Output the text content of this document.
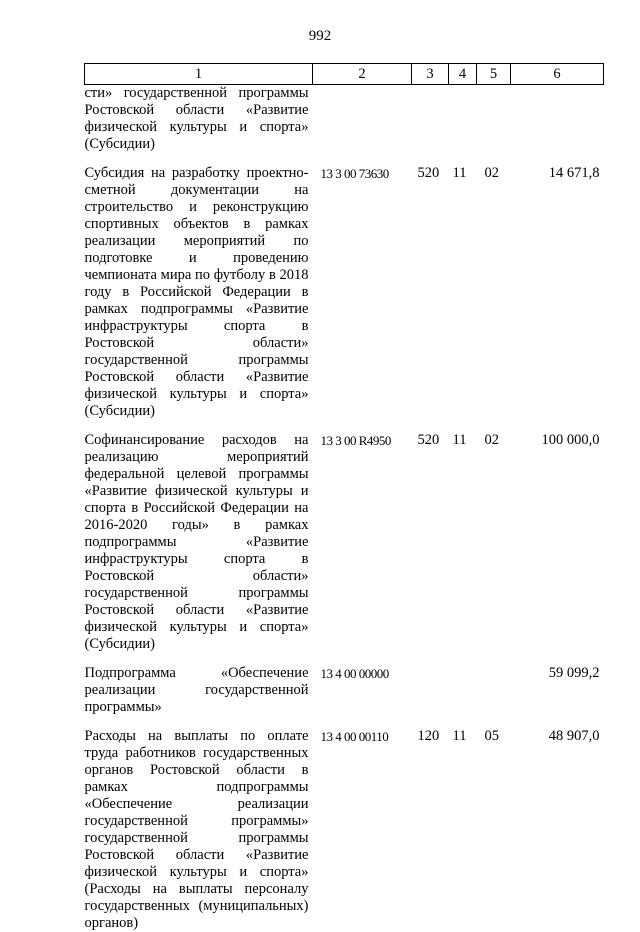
992
1	2	3	4	5	6
сти» государственной программы Ростовской области «Развитие физической культуры и спорта» (Субсидии)					

Субсидия на разработку проектно-сметной документации на строительство и реконструкцию спортивных объектов в рамках реализации мероприятий по подготовке и проведению чемпионата мира по футболу в 2018 году в Российской Федерации в рамках подпрограммы «Развитие инфраструктуры спорта в Ростовской области» государственной программы Ростовской области «Развитие физической культуры и спорта» (Субсидии)	13 3 00 73630	520	11	02	14 671,8

Софинансирование расходов на реализацию мероприятий федеральной целевой программы «Развитие физической культуры и спорта в Российской Федерации на 2016-2020 годы» в рамках подпрограммы «Развитие инфраструктуры спорта в Ростовской области» государственной программы Ростовской области «Развитие физической культуры и спорта» (Субсидии)	13 3 00 R4950	520	11	02	100 000,0

Подпрограмма «Обеспечение реализации государственной программы»	13 4 00 00000				59 099,2

Расходы на выплаты по оплате труда работников государственных органов Ростовской области в рамках подпрограммы «Обеспечение реализации государственной программы» государственной программы Ростовской области «Развитие физической культуры и спорта» (Расходы на выплаты персоналу государственных (муниципальных) органов)	13 4 00 00110	120	11	05	48 907,0
